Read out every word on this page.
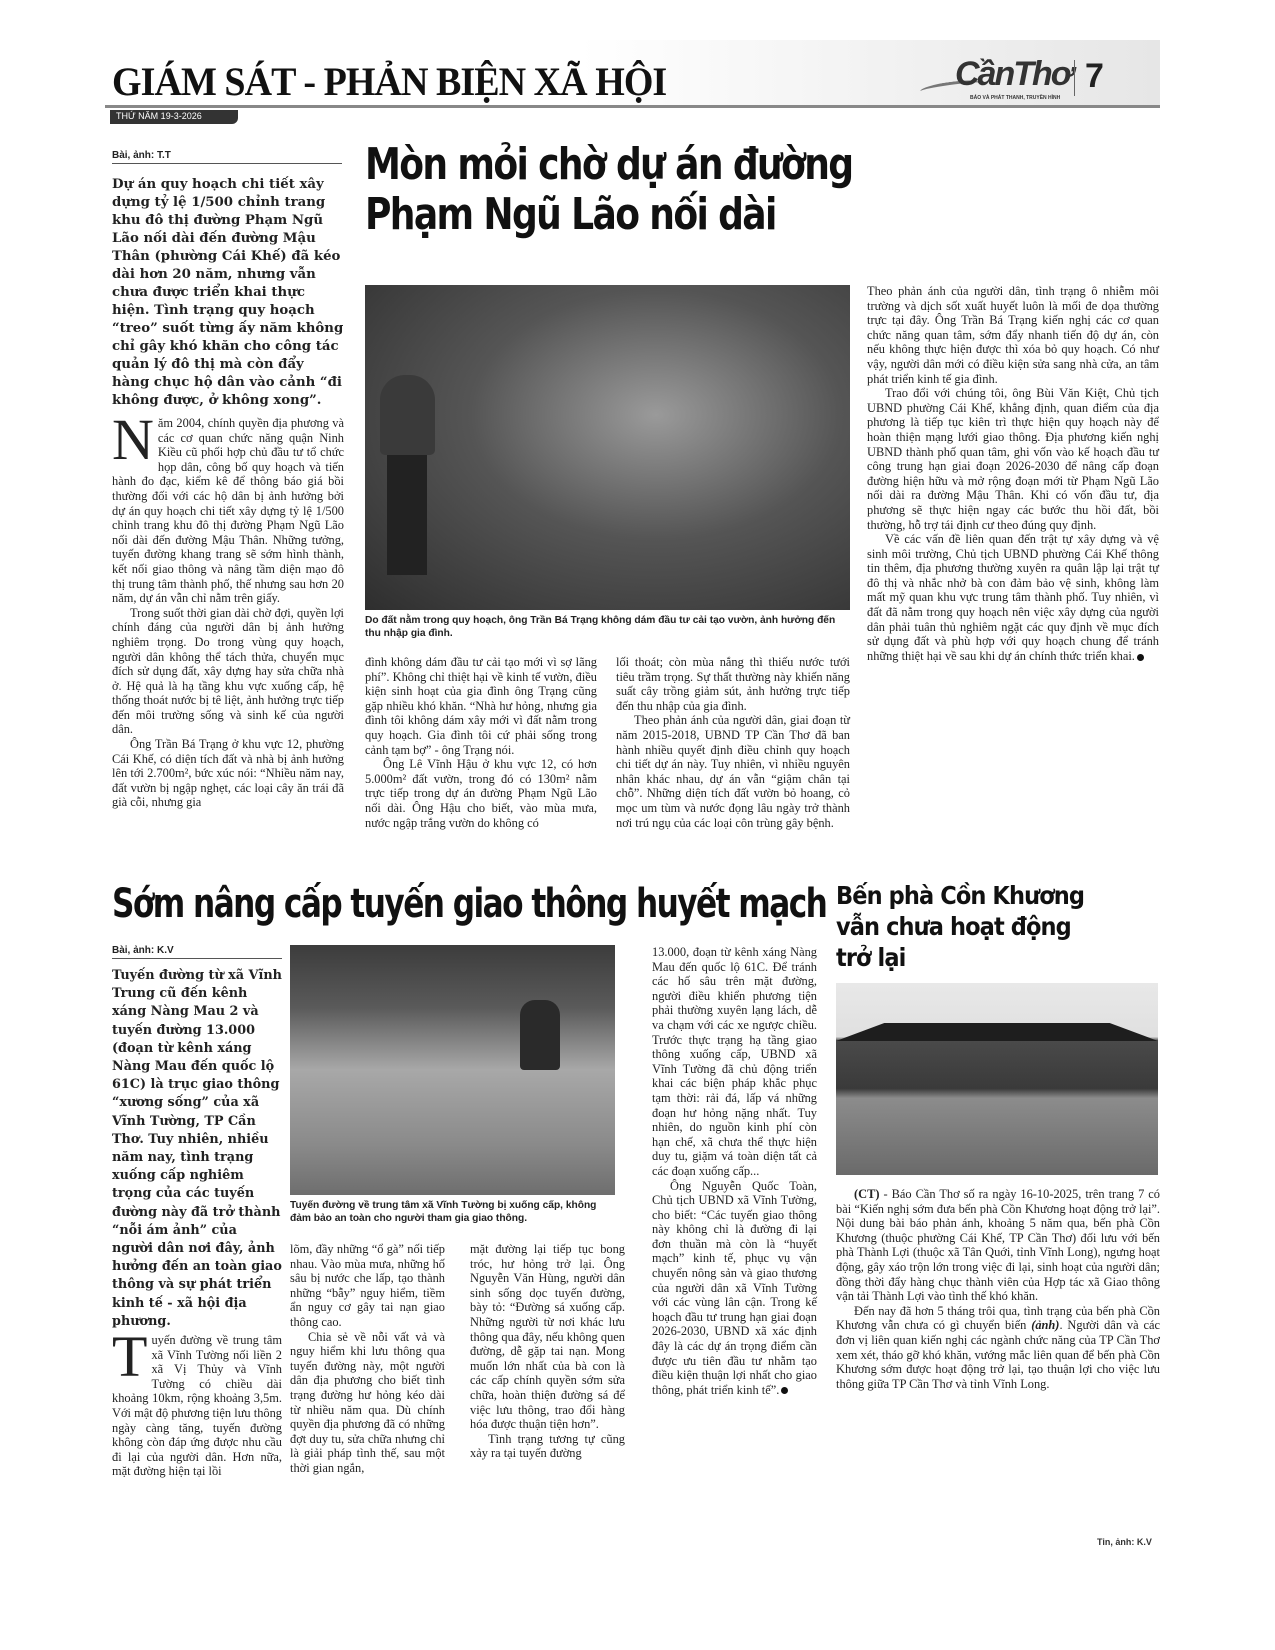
GIÁM SÁT - PHẢN BIỆN XÃ HỘI
THỨ NĂM 19-3-2026
CầnThơ
BÁO VÀ PHÁT THANH, TRUYỀN HÌNH
7
Bài, ảnh: T.T	Mòn mỏi chờ dự án đường
Phạm Ngũ Lão nối dài
Dự án quy hoạch chi tiết xây dựng tỷ lệ 1/500 chỉnh trang khu đô thị đường Phạm Ngũ Lão nối dài đến đường Mậu Thân (phường Cái Khế) đã kéo dài hơn 20 năm, nhưng vẫn chưa được triển khai thực hiện. Tình trạng quy hoạch “treo” suốt từng ấy năm không chỉ gây khó khăn cho công tác quản lý đô thị mà còn đẩy hàng chục hộ dân vào cảnh “đi không được, ở không xong”.
N ăm 2004, chính quyền địa phương và các cơ quan chức năng quận Ninh Kiều cũ phối hợp chủ đầu tư tổ chức họp dân, công bố quy hoạch và tiến hành đo đạc, kiểm kê để thông báo giá bồi thường đối với các hộ dân bị ảnh hưởng bởi dự án quy hoạch chi tiết xây dựng tỷ lệ 1/500 chỉnh trang khu đô thị đường Phạm Ngũ Lão nối dài đến đường Mậu Thân. Những tưởng, tuyến đường khang trang sẽ sớm hình thành, kết nối giao thông và nâng tầm diện mạo đô thị trung tâm thành phố, thế nhưng sau hơn 20 năm, dự án vẫn chỉ nằm trên giấy.

Trong suốt thời gian dài chờ đợi, quyền lợi chính đáng của người dân bị ảnh hưởng nghiêm trọng. Do trong vùng quy hoạch, người dân không thể tách thửa, chuyển mục đích sử dụng đất, xây dựng hay sửa chữa nhà ở. Hệ quả là hạ tầng khu vực xuống cấp, hệ thống thoát nước bị tê liệt, ảnh hưởng trực tiếp đến môi trường sống và sinh kế của người dân.

Ông Trần Bá Trạng ở khu vực 12, phường Cái Khế, có diện tích đất và nhà bị ảnh hưởng lên tới 2.700m², bức xúc nói: “Nhiều năm nay, đất vườn bị ngập nghẹt, các loại cây ăn trái đã già cỗi, nhưng gia

Do đất nằm trong quy hoạch, ông Trần Bá Trạng không dám đầu tư cải tạo vườn, ảnh hưởng đến thu nhập gia đình.

đình không dám đầu tư cải tạo mới vì sợ lãng phí”. Không chỉ thiệt hại về kinh tế vườn, điều kiện sinh hoạt của gia đình ông Trạng cũng gặp nhiều khó khăn. “Nhà hư hỏng, nhưng gia đình tôi không dám xây mới vì đất nằm trong quy hoạch. Gia đình tôi cứ phải sống trong cảnh tạm bợ” - ông Trạng nói.

Ông Lê Vĩnh Hậu ở khu vực 12, có hơn 5.000m² đất vườn, trong đó có 130m² nằm trực tiếp trong dự án đường Phạm Ngũ Lão nối dài. Ông Hậu cho biết, vào mùa mưa, nước ngập trắng vườn do không có

lối thoát; còn mùa nắng thì thiếu nước tưới tiêu trầm trọng. Sự thất thường này khiến năng suất cây trồng giảm sút, ảnh hưởng trực tiếp đến thu nhập của gia đình.

Theo phản ánh của người dân, giai đoạn từ năm 2015-2018, UBND TP Cần Thơ đã ban hành nhiều quyết định điều chỉnh quy hoạch chi tiết dự án này. Tuy nhiên, vì nhiều nguyên nhân khác nhau, dự án vẫn “giậm chân tại chỗ”. Những diện tích đất vườn bỏ hoang, cỏ mọc um tùm và nước đọng lâu ngày trở thành nơi trú ngụ của các loại côn trùng gây bệnh.

Theo phản ánh của người dân, tình trạng ô nhiễm môi trường và dịch sốt xuất huyết luôn là mối đe dọa thường trực tại đây. Ông Trần Bá Trạng kiến nghị các cơ quan chức năng quan tâm, sớm đẩy nhanh tiến độ dự án, còn nếu không thực hiện được thì xóa bỏ quy hoạch. Có như vậy, người dân mới có điều kiện sửa sang nhà cửa, an tâm phát triển kinh tế gia đình.

Trao đổi với chúng tôi, ông Bùi Văn Kiệt, Chủ tịch UBND phường Cái Khế, khẳng định, quan điểm của địa phương là tiếp tục kiên trì thực hiện quy hoạch này để hoàn thiện mạng lưới giao thông. Địa phương kiến nghị UBND thành phố quan tâm, ghi vốn vào kế hoạch đầu tư công trung hạn giai đoạn 2026-2030 để nâng cấp đoạn đường hiện hữu và mở rộng đoạn mới từ Phạm Ngũ Lão nối dài ra đường Mậu Thân. Khi có vốn đầu tư, địa phương sẽ thực hiện ngay các bước thu hồi đất, bồi thường, hỗ trợ tái định cư theo đúng quy định.

Về các vấn đề liên quan đến trật tự xây dựng và vệ sinh môi trường, Chủ tịch UBND phường Cái Khế thông tin thêm, địa phương thường xuyên ra quân lập lại trật tự đô thị và nhắc nhở bà con đảm bảo vệ sinh, không làm mất mỹ quan khu vực trung tâm thành phố. Tuy nhiên, vì đất đã nằm trong quy hoạch nên việc xây dựng của người dân phải tuân thủ nghiêm ngặt các quy định về mục đích sử dụng đất và phù hợp với quy hoạch chung để tránh những thiệt hại về sau khi dự án chính thức triển khai.

Sớm nâng cấp tuyến giao thông huyết mạch
Bài, ảnh: K.V
Tuyến đường từ xã Vĩnh Trung cũ đến kênh xáng Nàng Mau 2 và tuyến đường 13.000 (đoạn từ kênh xáng Nàng Mau đến quốc lộ 61C) là trục giao thông “xương sống” của xã Vĩnh Tường, TP Cần Thơ. Tuy nhiên, nhiều năm nay, tình trạng xuống cấp nghiêm trọng của các tuyến đường này đã trở thành “nỗi ám ảnh” của người dân nơi đây, ảnh hưởng đến an toàn giao thông và sự phát triển kinh tế - xã hội địa phương.
T uyến đường về trung tâm xã Vĩnh Tường nối liền 2 xã Vị Thủy và Vĩnh Tường có chiều dài khoảng 10km, rộng khoảng 3,5m. Với mật độ phương tiện lưu thông ngày càng tăng, tuyến đường không còn đáp ứng được nhu cầu đi lại của người dân. Hơn nữa, mặt đường hiện tại lồi

Tuyến đường về trung tâm xã Vĩnh Tường bị xuống cấp, không đảm bảo an toàn cho người tham gia giao thông.

lõm, đầy những “ổ gà” nối tiếp nhau. Vào mùa mưa, những hố sâu bị nước che lấp, tạo thành những “bẫy” nguy hiểm, tiềm ẩn nguy cơ gây tai nạn giao thông cao.

Chia sẻ về nỗi vất vả và nguy hiểm khi lưu thông qua tuyến đường này, một người dân địa phương cho biết tình trạng đường hư hỏng kéo dài từ nhiều năm qua. Dù chính quyền địa phương đã có những đợt duy tu, sửa chữa nhưng chỉ là giải pháp tình thế, sau một thời gian ngắn,

mặt đường lại tiếp tục bong tróc, hư hỏng trở lại. Ông Nguyễn Văn Hùng, người dân sinh sống dọc tuyến đường, bày tỏ: “Đường sá xuống cấp. Những người từ nơi khác lưu thông qua đây, nếu không quen đường, dễ gặp tai nạn. Mong muốn lớn nhất của bà con là các cấp chính quyền sớm sửa chữa, hoàn thiện đường sá để việc lưu thông, trao đổi hàng hóa được thuận tiện hơn”.

Tình trạng tương tự cũng xảy ra tại tuyến đường

13.000, đoạn từ kênh xáng Nàng Mau đến quốc lộ 61C. Để tránh các hố sâu trên mặt đường, người điều khiển phương tiện phải thường xuyên lạng lách, dễ va chạm với các xe ngược chiều. Trước thực trạng hạ tầng giao thông xuống cấp, UBND xã Vĩnh Tường đã chủ động triển khai các biện pháp khắc phục tạm thời: rải đá, lấp vá những đoạn hư hỏng nặng nhất. Tuy nhiên, do nguồn kinh phí còn hạn chế, xã chưa thể thực hiện duy tu, giặm vá toàn diện tất cả các đoạn xuống cấp...

Ông Nguyễn Quốc Toàn, Chủ tịch UBND xã Vĩnh Tường, cho biết: “Các tuyến giao thông này không chỉ là đường đi lại đơn thuần mà còn là “huyết mạch” kinh tế, phục vụ vận chuyển nông sản và giao thương của người dân xã Vĩnh Tường với các vùng lân cận. Trong kế hoạch đầu tư trung hạn giai đoạn 2026-2030, UBND xã xác định đây là các dự án trọng điểm cần được ưu tiên đầu tư nhằm tạo điều kiện thuận lợi nhất cho giao thông, phát triển kinh tế”.

Bến phà Cồn Khương
vẫn chưa hoạt động
trở lại

(CT) - Báo Cần Thơ số ra ngày 16-10-2025, trên trang 7 có bài “Kiến nghị sớm đưa bến phà Cồn Khương hoạt động trở lại”. Nội dung bài báo phản ánh, khoảng 5 năm qua, bến phà Cồn Khương (thuộc phường Cái Khế, TP Cần Thơ) đối lưu với bến phà Thành Lợi (thuộc xã Tân Quới, tỉnh Vĩnh Long), ngưng hoạt động, gây xáo trộn lớn trong việc đi lại, sinh hoạt của người dân; đồng thời đẩy hàng chục thành viên của Hợp tác xã Giao thông vận tải Thành Lợi vào tình thế khó khăn.

Đến nay đã hơn 5 tháng trôi qua, tình trạng của bến phà Cồn Khương vẫn chưa có gì chuyển biến (ảnh). Người dân và các đơn vị liên quan kiến nghị các ngành chức năng của TP Cần Thơ xem xét, tháo gỡ khó khăn, vướng mắc liên quan để bến phà Cồn Khương sớm được hoạt động trở lại, tạo thuận lợi cho việc lưu thông giữa TP Cần Thơ và tỉnh Vĩnh Long.

Tin, ảnh: K.V
